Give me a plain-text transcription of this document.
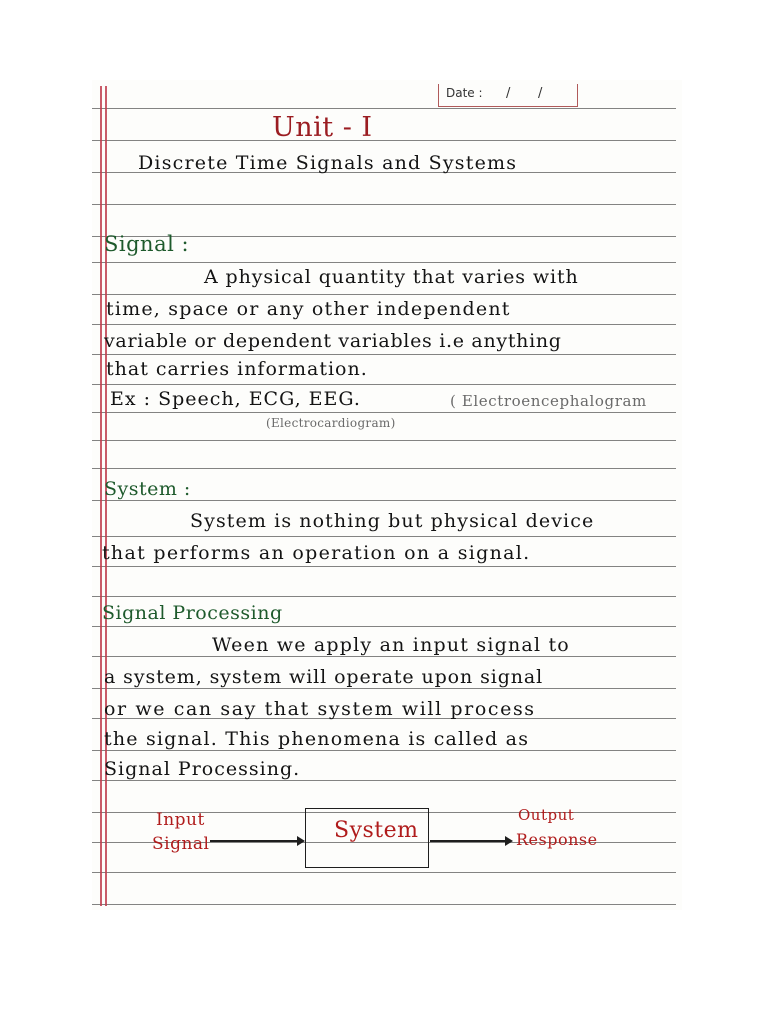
Date : / /
Unit - I
Discrete Time Signals and Systems
Signal :
A physical quantity that varies with
time, space or any other independent
variable or dependent variables i.e anything
that carries information.
Ex : Speech, ECG, EEG.	( Electroencephalogram
(Electrocardiogram)
System :
System is nothing but physical device
that performs an operation on a signal.
Signal Processing
Ween we apply an input signal to
a system, system will operate upon signal
or we can say that system will process
the signal. This phenomena is called as
Signal Processing.
Input
Signal
System
Output
Response
